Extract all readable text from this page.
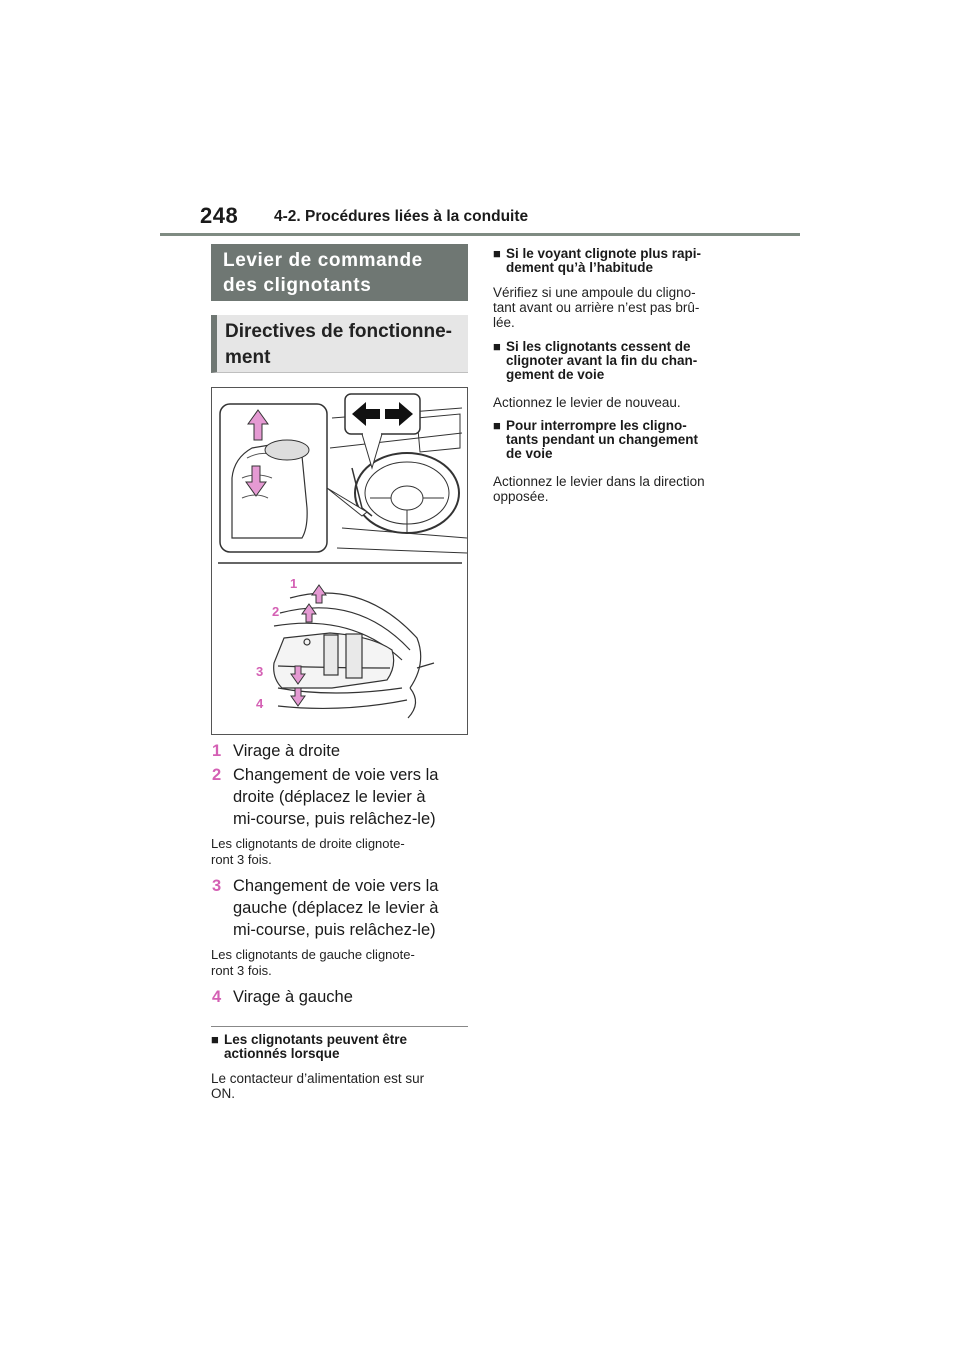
248 4-2. Procédures liées à la conduite
Levier de commande
des clignotants
Directives de fonctionne-
ment
1
2
3
4
1 Virage à droite
2 Changement de voie vers la
droite (déplacez le levier à
mi-course, puis relâchez-le)
Les clignotants de droite clignote-
ront 3 fois.
3 Changement de voie vers la
gauche (déplacez le levier à
mi-course, puis relâchez-le)
Les clignotants de gauche clignote-
ront 3 fois.
4 Virage à gauche
■ Les clignotants peuvent être
actionnés lorsque
Le contacteur d’alimentation est sur
ON.
■ Si le voyant clignote plus rapi-
dement qu’à l’habitude
Vérifiez si une ampoule du cligno-
tant avant ou arrière n’est pas brû-
lée.
■ Si les clignotants cessent de
clignoter avant la fin du chan-
gement de voie
Actionnez le levier de nouveau.
■ Pour interrompre les cligno-
tants pendant un changement
de voie
Actionnez le levier dans la direction
opposée.
